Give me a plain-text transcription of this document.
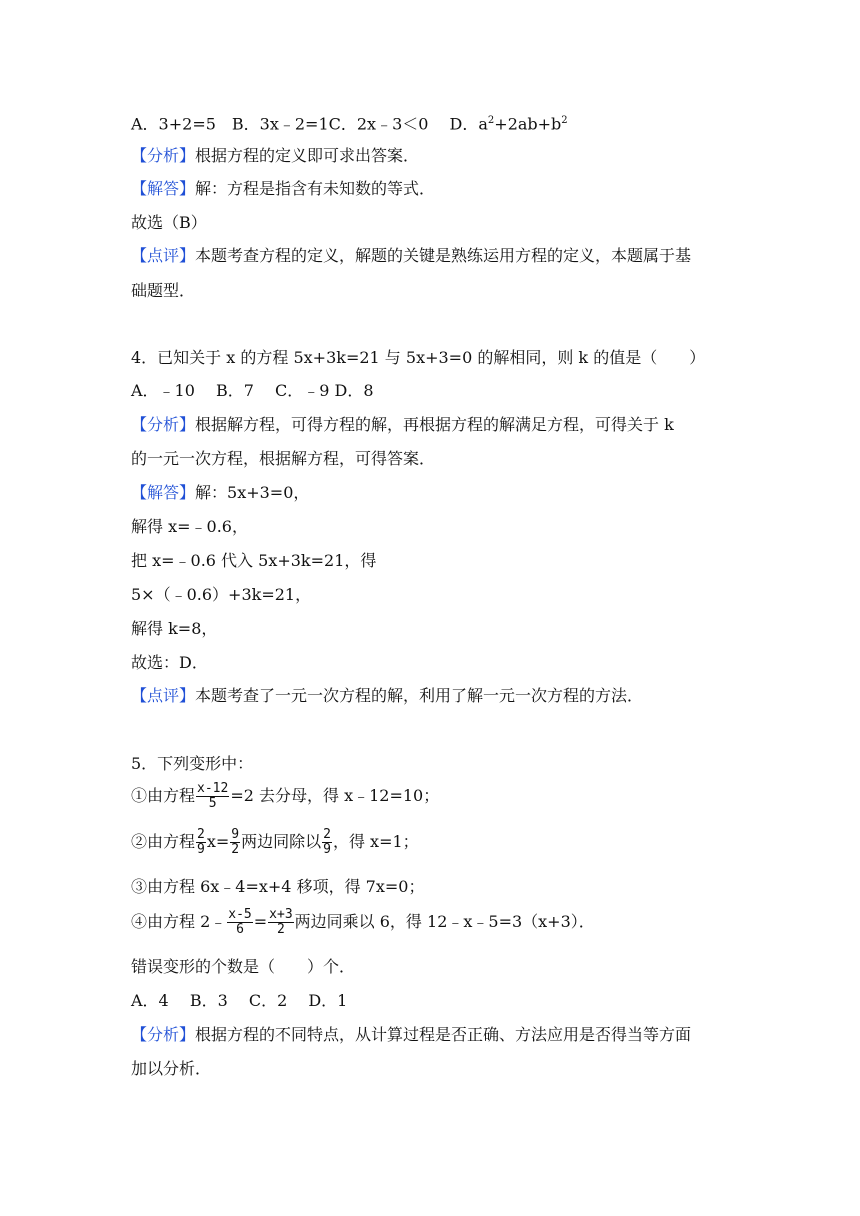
A．3+2=5　B．3x﹣2=1C．2x﹣3＜0　 D．$a^2+2ab+b^2$
【分析】根据方程的定义即可求出答案．
【解答】解：方程是指含有未知数的等式．
故选（B）
【点评】本题考查方程的定义，解题的关键是熟练运用方程的定义，本题属于基
础题型．
4．已知关于 x 的方程 5x+3k=21 与 5x+3=0 的解相同，则 k 的值是（　　）
A．﹣10　 B．7　 C．﹣9 D．8
【分析】根据解方程，可得方程的解，再根据方程的解满足方程，可得关于 k
的一元一次方程，根据解方程，可得答案．
【解答】解：5x+3=0，
解得 x=﹣0.6，
把 x=﹣0.6 代入 5x+3k=21，得
5×（﹣0.6）+3k=21，
解得 k=8，
故选：D．
【点评】本题考查了一元一次方程的解，利用了解一元一次方程的方法．
5．下列变形中：
①由方程 $\frac{x-12}{5} =2$ 去分母，得 x﹣12=10；
②由方程 $\frac{2}{9} x= \frac{9}{2}$ 两边同除以 $\frac{2}{9}$ ，得 x=1；
③由方程 6x﹣4=x+4 移项，得 7x=0；
④由方程 2﹣ $\frac{x-5}{6} = \frac{x+3}{2}$ 两边同乘以 6，得 12﹣x﹣5=3（x+3）．
错误变形的个数是（　　）个．
A．4　 B．3　 C．2　 D．1
【分析】根据方程的不同特点，从计算过程是否正确、方法应用是否得当等方面
加以分析．
